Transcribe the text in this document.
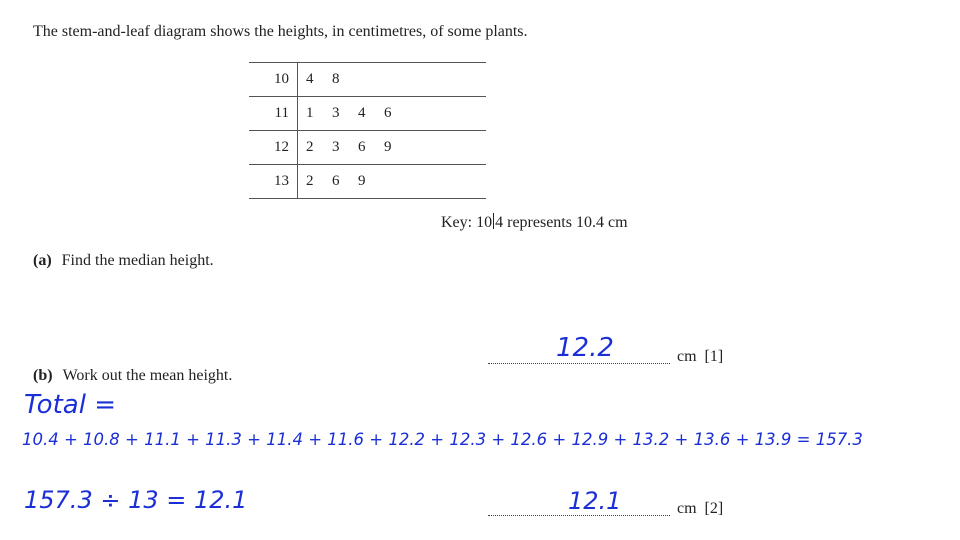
The stem-and-leaf diagram shows the heights, in centimetres, of some plants.
10	4 8
11	1 3 4 6
12	2 3 6 9
13	2 6 9
Key: 10 4 represents 10.4 cm
(a) Find the median height.
12.2	cm [1]
(b) Work out the mean height.
Total =
10.4 + 10.8 + 11.1 + 11.3 + 11.4 + 11.6 + 12.2 + 12.3 + 12.6 + 12.9 + 13.2 + 13.6 + 13.9 = 157.3
157.3 ÷ 13 = 12.1	12.1	cm [2]
